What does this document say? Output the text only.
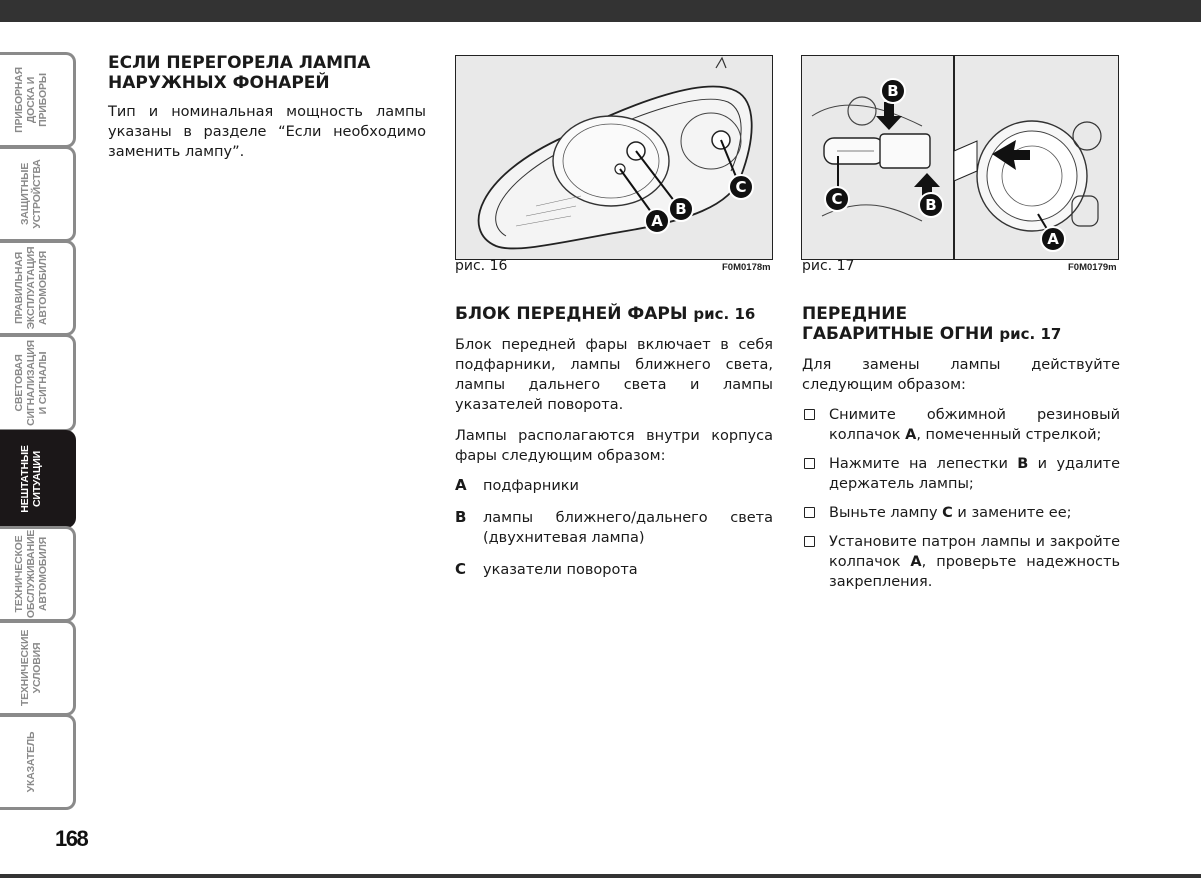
ПРИБОРНАЯ
ДОСКА И
ПРИБОРЫ
ЗАЩИТНЫЕ
УСТРОЙСТВА
ПРАВИЛЬНАЯ
ЭКСПЛУАТАЦИЯ
АВТОМОБИЛЯ
СВЕТОВАЯ
СИГНАЛИЗАЦИЯ
И СИГНАЛЫ
НЕШТАТНЫЕ
СИТУАЦИИ
ТЕХНИЧЕСКОЕ
ОБСЛУЖИВАНИЕ
АВТОМОБИЛЯ
ТЕХНИЧЕСКИЕ
УСЛОВИЯ
УКАЗАТЕЛЬ
168
ЕСЛИ ПЕРЕГОРЕЛА ЛАМПА
НАРУЖНЫХ ФОНАРЕЙ

Тип и номинальная мощность лампы указаны в разделе “Если необходимо заменить лампу”.

A
B
C
рис. 16	F0M0178m
B
C	B
A
рис. 17	F0M0179m
БЛОК ПЕРЕДНЕЙ ФАРЫ рис. 16

Блок передней фары включает в себя подфарники, лампы ближнего света, лампы дальнего света и лампы указателей поворота.

Лампы располагаются внутри корпуса фары следующим образом:

A	подфарники
B	лампы ближнего/дальнего света (двухнитевая лампа)
C	указатели поворота
ПЕРЕДНИЕ
ГАБАРИТНЫЕ ОГНИ рис. 17

Для замены лампы действуйте следующим образом:

Снимите обжимной резиновый колпачок A, помеченный стрелкой;
Нажмите на лепестки B и удалите держатель лампы;
Выньте лампу C и замените ее;
Установите патрон лампы и закройте колпачок A, проверьте надежность закрепления.
